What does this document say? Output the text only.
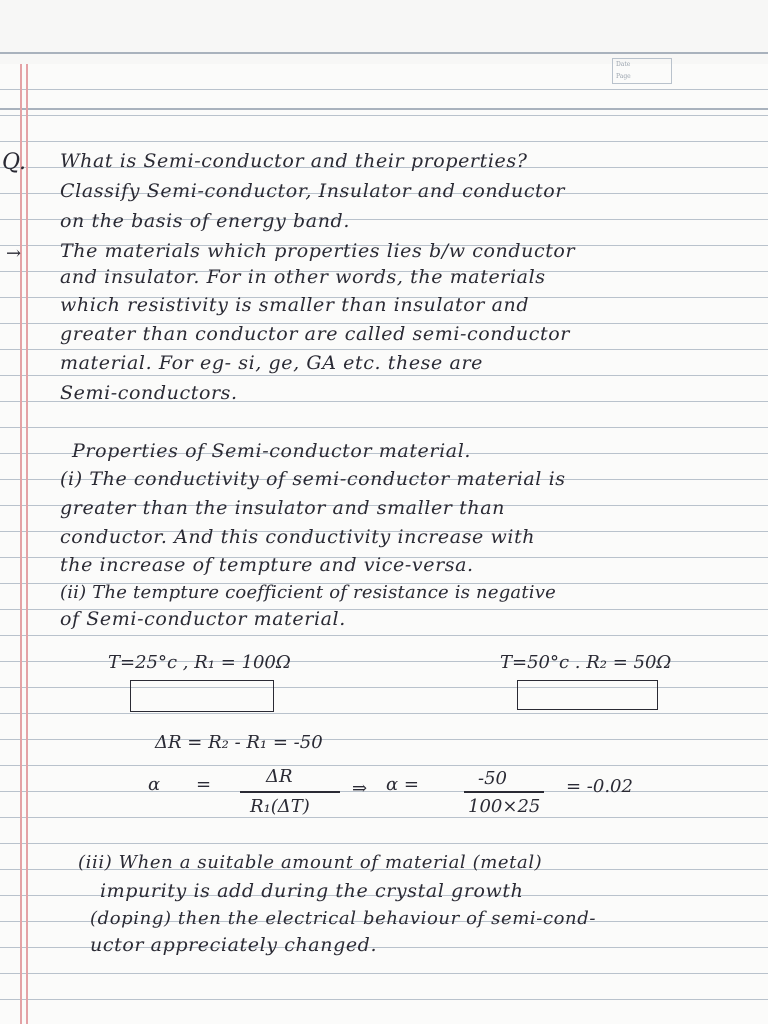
Date
Page
Q. What is Semi-conductor and their properties?
Classify Semi-conductor, Insulator and conductor
on the basis of energy band.
→ The materials which properties lies b/w conductor
and insulator. For in other words, the materials
which resistivity is smaller than insulator and
greater than conductor are called semi-conductor
material. For eg- si, ge, GA etc. these are
Semi-conductors.
Properties of Semi-conductor material.
(i) The conductivity of semi-conductor material is
greater than the insulator and smaller than
conductor. And this conductivity increase with
the increase of tempture and vice-versa.
(ii) The tempture coefficient of resistance is negative
of Semi-conductor material.
T=25°c , R₁ = 100Ω	T=50°c . R₂ = 50Ω
ΔR = R₂ - R₁ = -50
α =	ΔR
R₁(ΔT)
⇒ α =	-50
100×25
= -0.02
(iii) When a suitable amount of material (metal)
impurity is add during the crystal growth
(doping) then the electrical behaviour of semi-cond-
uctor appreciately changed.
